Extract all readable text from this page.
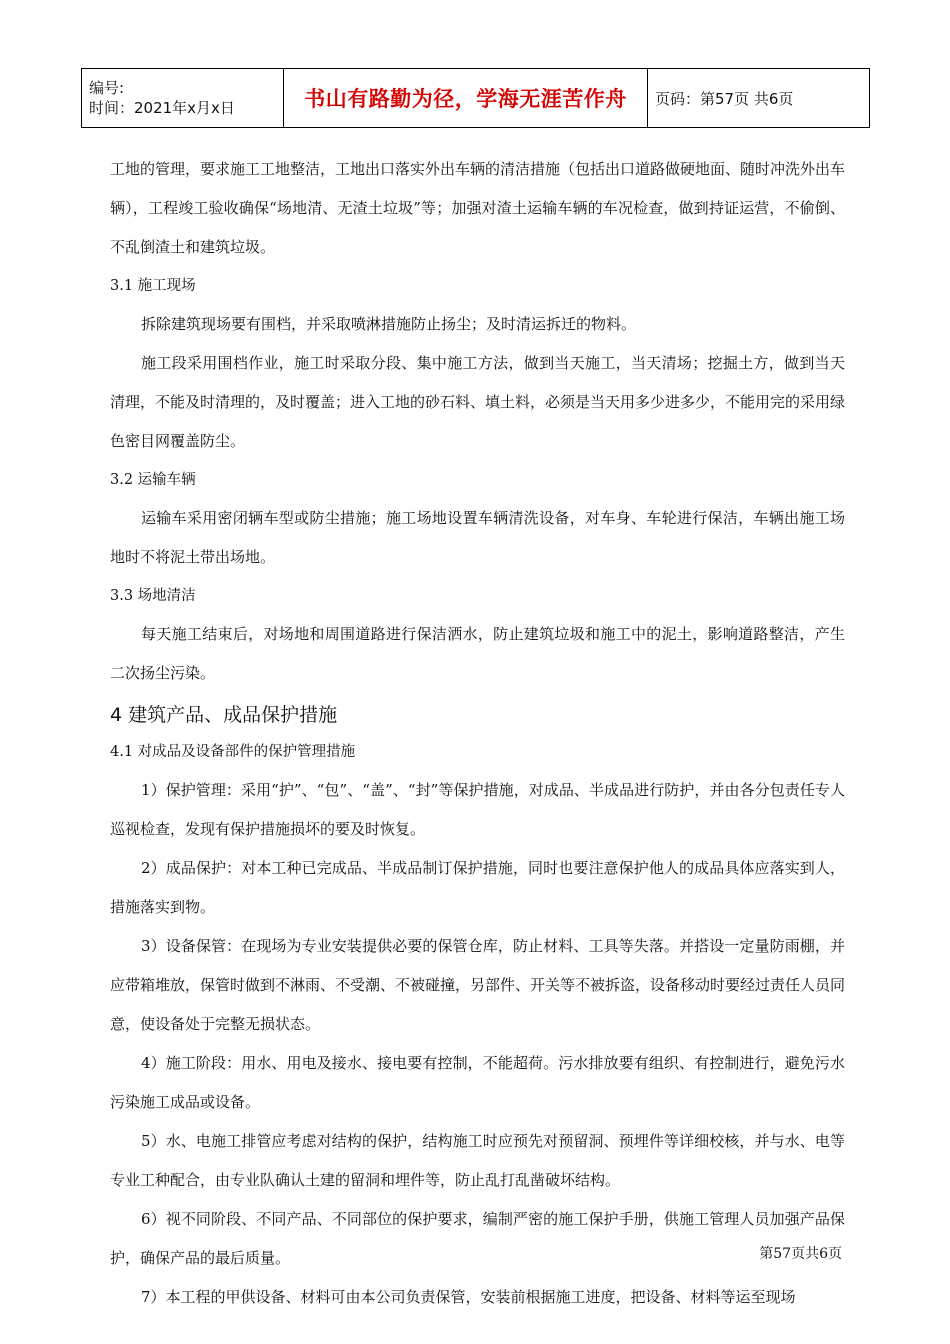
编号:
时间：2021年x月x日	书山有路勤为径，学海无涯苦作舟	页码：第57页 共6页

工地的管理，要求施工工地整洁，工地出口落实外出车辆的清洁措施（包括出口道路做硬地面、随时冲洗外出车辆），工程竣工验收确保“场地清、无渣土垃圾”等；加强对渣土运输车辆的车况检查，做到持证运营，不偷倒、不乱倒渣土和建筑垃圾。

3.1 施工现场

拆除建筑现场要有围档，并采取喷淋措施防止扬尘；及时清运拆迁的物料。

施工段采用围档作业，施工时采取分段、集中施工方法，做到当天施工，当天清场；挖掘土方，做到当天清理，不能及时清理的，及时覆盖；进入工地的砂石料、填土料，必须是当天用多少进多少，不能用完的采用绿色密目网覆盖防尘。

3.2 运输车辆

运输车采用密闭辆车型或防尘措施；施工场地设置车辆清洗设备，对车身、车轮进行保洁，车辆出施工场地时不将泥土带出场地。

3.3 场地清洁

每天施工结束后，对场地和周围道路进行保洁洒水，防止建筑垃圾和施工中的泥土，影响道路整洁，产生二次扬尘污染。

4 建筑产品、成品保护措施
4.1 对成品及设备部件的保护管理措施

1）保护管理：采用“护”、“包”、“盖”、“封”等保护措施，对成品、半成品进行防护，并由各分包责任专人巡视检查，发现有保护措施损坏的要及时恢复。

2）成品保护：对本工种已完成品、半成品制订保护措施，同时也要注意保护他人的成品具体应落实到人，措施落实到物。

3）设备保管：在现场为专业安装提供必要的保管仓库，防止材料、工具等失落。并搭设一定量防雨棚，并应带箱堆放，保管时做到不淋雨、不受潮、不被碰撞，另部件、开关等不被拆盗，设备移动时要经过责任人员同意，使设备处于完整无损状态。

4）施工阶段：用水、用电及接水、接电要有控制，不能超荷。污水排放要有组织、有控制进行，避免污水污染施工成品或设备。

5）水、电施工排管应考虑对结构的保护，结构施工时应预先对预留洞、预埋件等详细校核，并与水、电等专业工种配合，由专业队确认土建的留洞和埋件等，防止乱打乱凿破坏结构。

6）视不同阶段、不同产品、不同部位的保护要求，编制严密的施工保护手册，供施工管理人员加强产品保护，确保产品的最后质量。

7）本工程的甲供设备、材料可由本公司负责保管，安装前根据施工进度，把设备、材料等运至现场

第57页共6页
